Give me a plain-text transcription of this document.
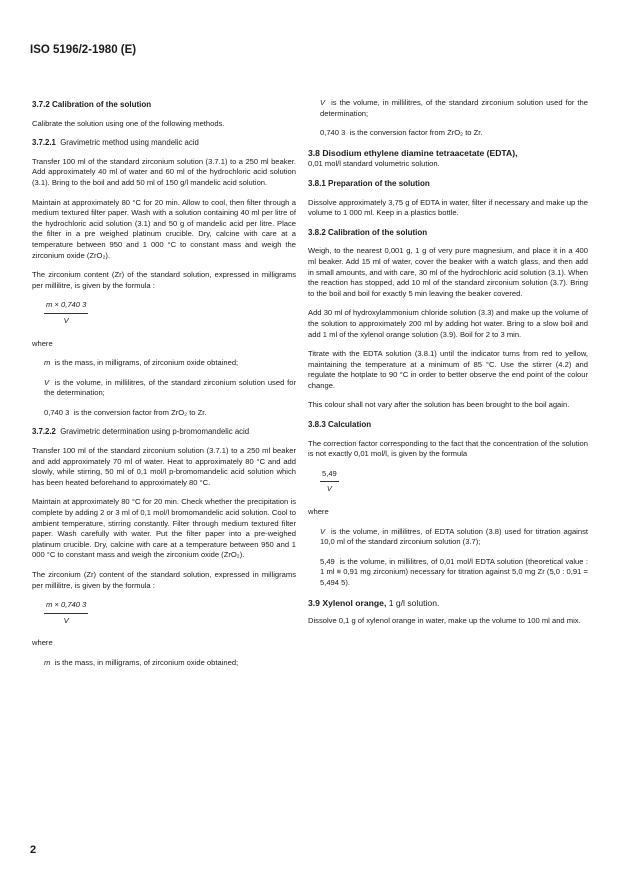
ISO 5196/2-1980 (E)
3.7.2 Calibration of the solution

Calibrate the solution using one of the following methods.

3.7.2.1 Gravimetric method using mandelic acid

Transfer 100 ml of the standard zirconium solution (3.7.1) to a 250 ml beaker. Add approximately 40 ml of water and 60 ml of the hydrochloric acid solution (3.1). Bring to the boil and add 50 ml of 150 g/l mandelic acid solution.

Maintain at approximately 80 °C for 20 min. Allow to cool, then filter through a medium textured filter paper. Wash with a solution containing 40 ml per litre of the hydrochloric acid solution (3.1) and 50 g of mandelic acid per litre. Place the filter in a pre weighed platinum crucible. Dry, calcine with care at a temperature between 950 and 1 000 °C to constant mass and weigh the zirconium oxide (ZrO₂).

The zirconium content (Zr) of the standard solution, expressed in milligrams per millilitre, is given by the formula :

$\frac{m \times 0,740 3}{V}$

where

m is the mass, in milligrams, of zirconium oxide obtained;

V is the volume, in millilitres, of the standard zirconium solution used for the determination;

0,740 3 is the conversion factor from ZrO₂ to Zr.

3.7.2.2 Gravimetric determination using p-bromomandelic acid

Transfer 100 ml of the standard zirconium solution (3.7.1) to a 250 ml beaker and add approximately 70 ml of water. Heat to approximately 80 °C and add slowly, while stirring, 50 ml of 0,1 mol/l p-bromomandelic acid solution which has been heated beforehand to approximately 80 °C.

Maintain at approximately 80 °C for 20 min. Check whether the precipitation is complete by adding 2 or 3 ml of 0,1 mol/l bromomandelic acid solution. Cool to ambient temperature, stirring constantly. Filter through medium textured filter paper. Wash carefully with water. Put the filter paper into a pre-weighed platinum crucible. Dry, calcine with care at a temperature between 950 and 1 000 °C to constant mass and weigh the zirconium oxide (ZrO₂).

The zirconium (Zr) content of the standard solution, expressed in milligrams per millilitre, is given by the formula :

$\frac{m \times 0,740 3}{V}$

where

m is the mass, in milligrams, of zirconium oxide obtained;

V is the volume, in millilitres, of the standard zirconium solution used for the determination;

0,740 3 is the conversion factor from ZrO₂ to Zr.

3.8 Disodium ethylene diamine tetraacetate (EDTA),

0,01 mol/l standard volumetric solution.

3.8.1 Preparation of the solution

Dissolve approximately 3,75 g of EDTA in water, filter if necessary and make up the volume to 1 000 ml. Keep in a plastics bottle.

3.8.2 Calibration of the solution

Weigh, to the nearest 0,001 g, 1 g of very pure magnesium, and place it in a 400 ml beaker. Add 15 ml of water, cover the beaker with a watch glass, and then add in small amounts, and with care, 30 ml of the hydrochloric acid solution (3.1). When the reaction has stopped, add 10 ml of the standard zirconium solution (3.7). Bring to the boil and boil for exactly 5 min leaving the beaker covered.

Add 30 ml of hydroxylammonium chloride solution (3.3) and make up the volume of the solution to approximately 200 ml by adding hot water. Bring to a slow boil and add 1 ml of the xylenol orange solution (3.9). Boil for 2 to 3 min.

Titrate with the EDTA solution (3.8.1) until the indicator turns from red to yellow, maintaining the temperature at a minimum of 85 °C. Use the stirrer (4.2) and regulate the hotplate to 90 °C in order to better observe the end point of the colour change.

This colour shall not vary after the solution has been brought to the boil again.

3.8.3 Calculation

The correction factor corresponding to the fact that the concentration of the solution is not exactly 0,01 mol/l, is given by the formula

$\frac{5,49}{V}$

where

V is the volume, in millilitres, of EDTA solution (3.8) used for titration against 10,0 ml of the standard zirconium solution (3.7);

5,49 is the volume, in millilitres, of 0,01 mol/l EDTA solution (theoretical value : 1 ml ≡ 0,91 mg zirconium) necessary for titration against 5,0 mg Zr (5,0 : 0,91 = 5,494 5).

3.9 Xylenol orange, 1 g/l solution.

Dissolve 0,1 g of xylenol orange in water, make up the volume to 100 ml and mix.

2
